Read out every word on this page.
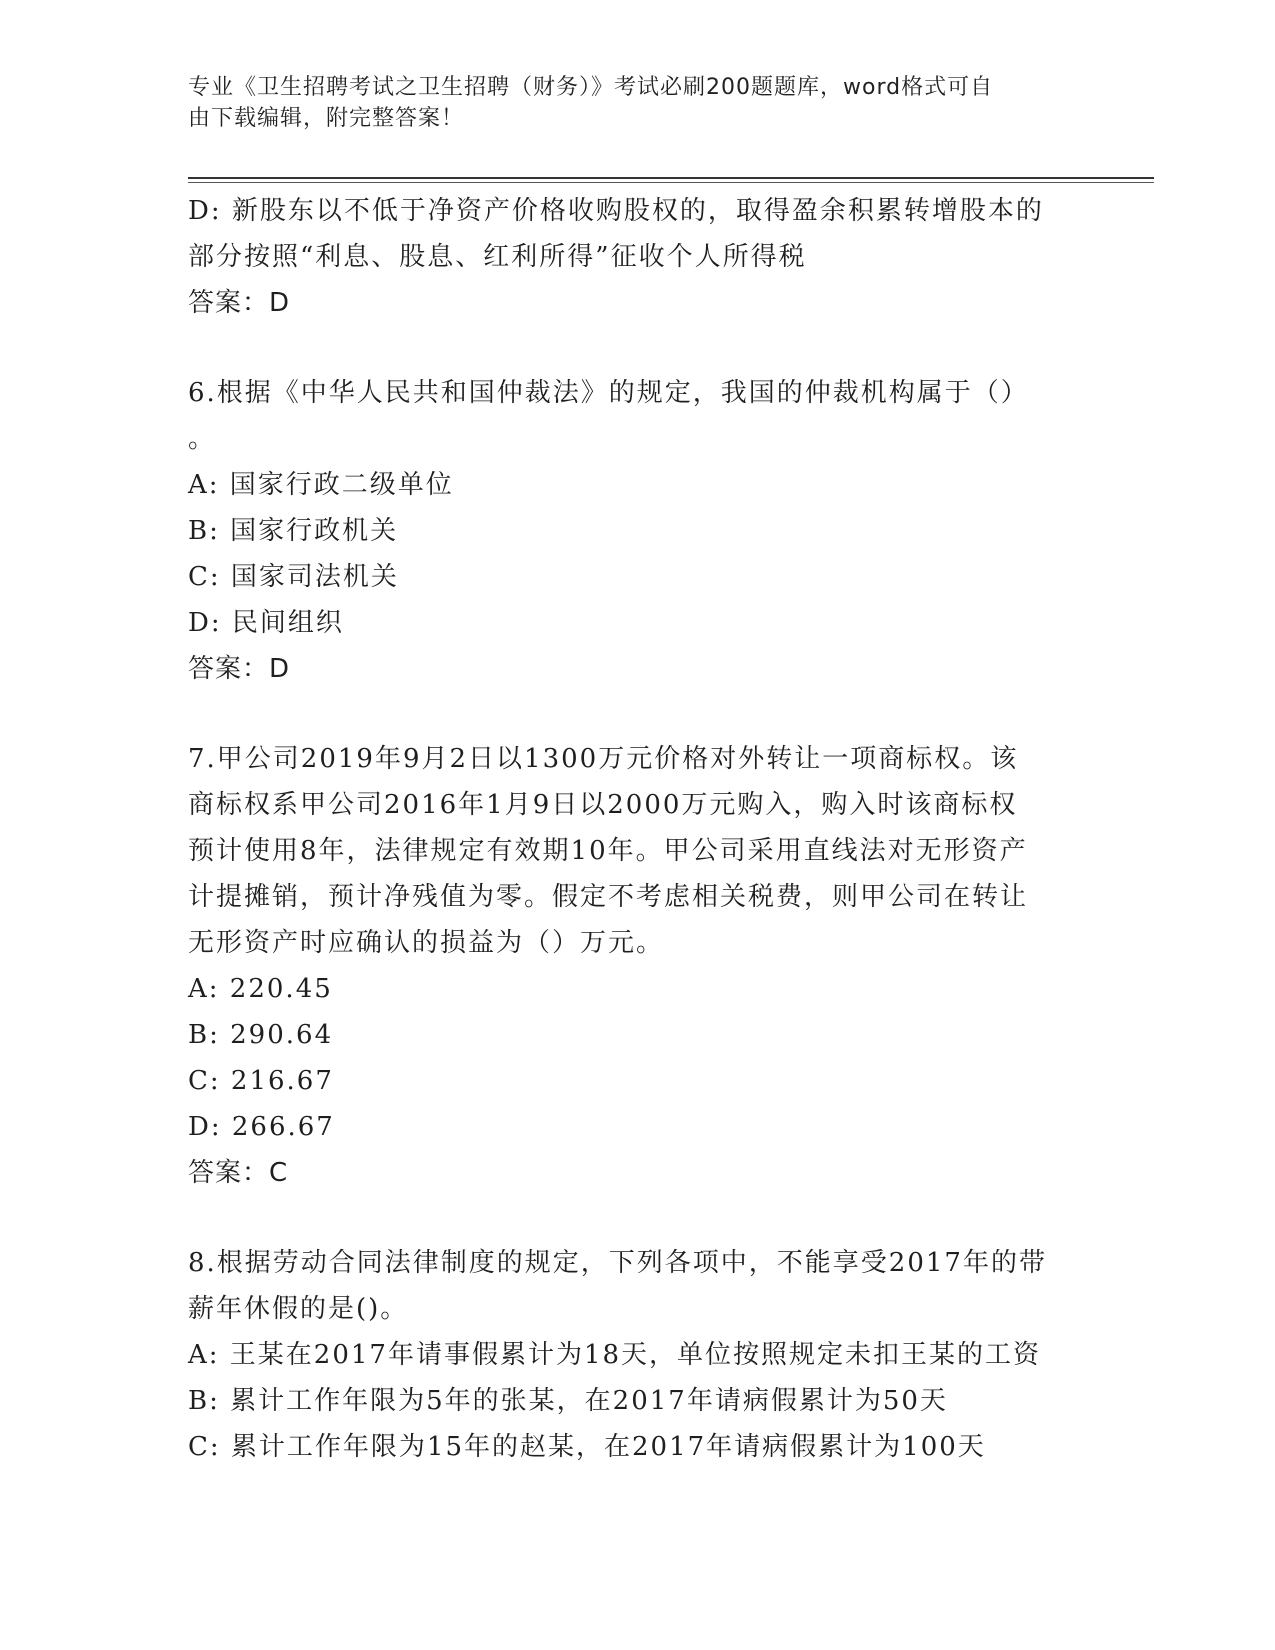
专业《卫生招聘考试之卫生招聘（财务）》考试必刷200题题库，word格式可自
由下载编辑，附完整答案！
D: 新股东以不低于净资产价格收购股权的，取得盈余积累转增股本的
部分按照“利息、股息、红利所得”征收个人所得税
答案：D
6.根据《中华人民共和国仲裁法》的规定，我国的仲裁机构属于（）
。
A: 国家行政二级单位
B: 国家行政机关
C: 国家司法机关
D: 民间组织
答案：D
7.甲公司2019年9月2日以1300万元价格对外转让一项商标权。该
商标权系甲公司2016年1月9日以2000万元购入，购入时该商标权
预计使用8年，法律规定有效期10年。甲公司采用直线法对无形资产
计提摊销，预计净残值为零。假定不考虑相关税费，则甲公司在转让
无形资产时应确认的损益为（）万元。
A: 220.45
B: 290.64
C: 216.67
D: 266.67
答案：C
8.根据劳动合同法律制度的规定，下列各项中，不能享受2017年的带
薪年休假的是()。
A: 王某在2017年请事假累计为18天，单位按照规定未扣王某的工资
B: 累计工作年限为5年的张某，在2017年请病假累计为50天
C: 累计工作年限为15年的赵某，在2017年请病假累计为100天
